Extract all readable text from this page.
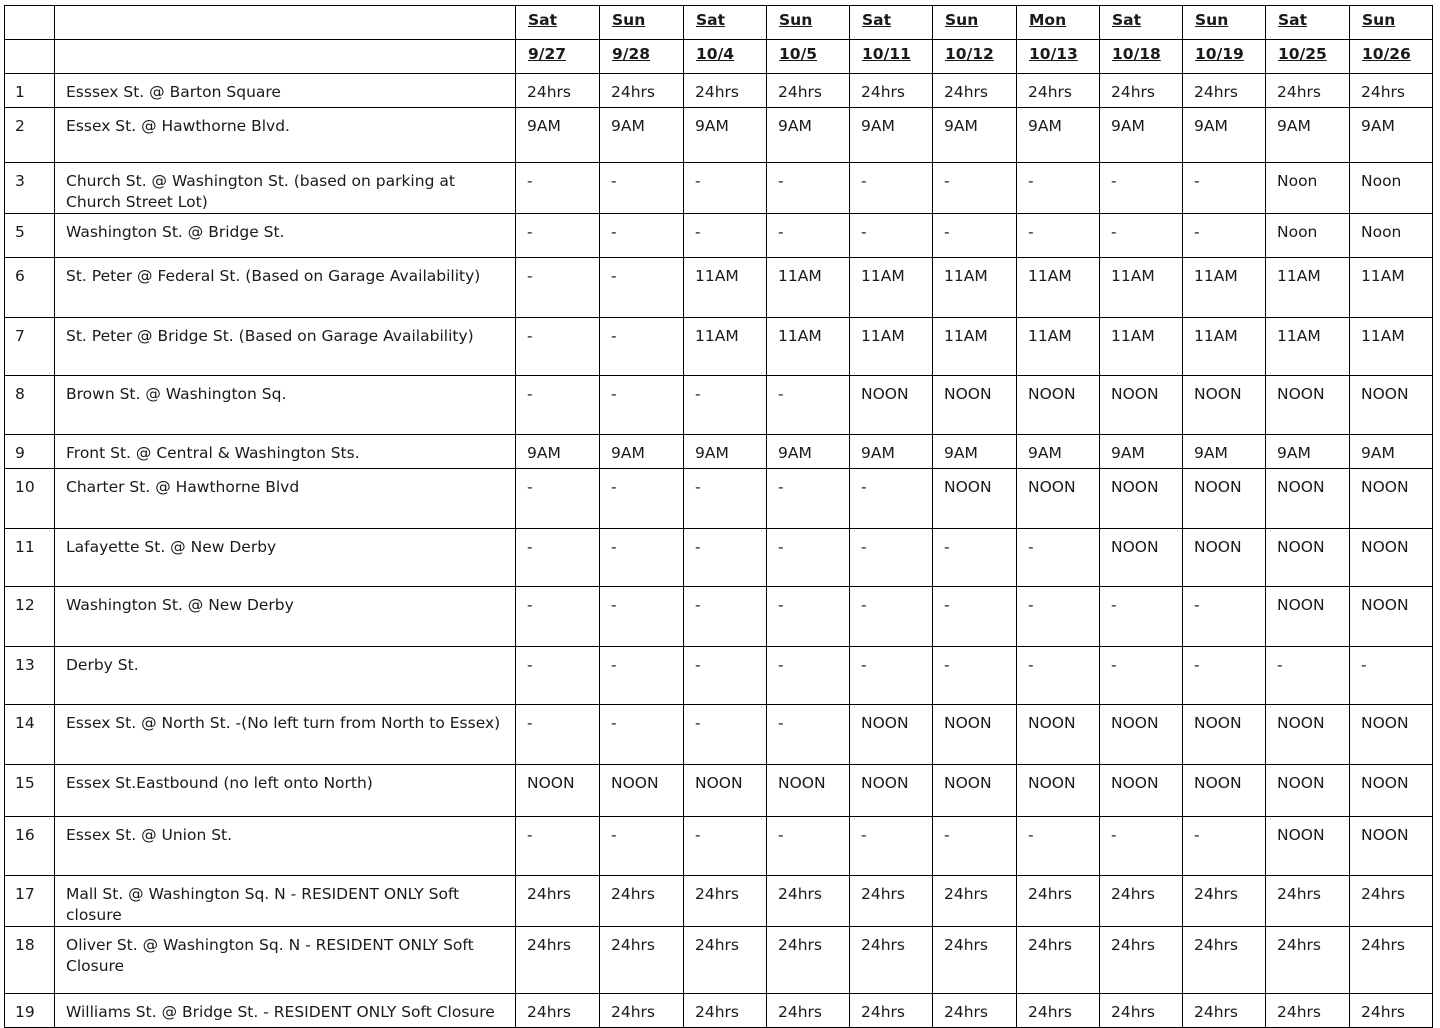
		Sat	Sun	Sat	Sun	Sat	Sun	Mon	Sat	Sun	Sat	Sun
		9/27	9/28	10/4	10/5	10/11	10/12	10/13	10/18	10/19	10/25	10/26
1	Esssex St. @ Barton Square	24hrs	24hrs	24hrs	24hrs	24hrs	24hrs	24hrs	24hrs	24hrs	24hrs	24hrs
2	Essex St. @ Hawthorne Blvd.	9AM	9AM	9AM	9AM	9AM	9AM	9AM	9AM	9AM	9AM	9AM
3	Church St. @ Washington St. (based on parking at Church Street Lot)	-	-	-	-	-	-	-	-	-	Noon	Noon
5	Washington St. @ Bridge St.	-	-	-	-	-	-	-	-	-	Noon	Noon
6	St. Peter @ Federal St. (Based on Garage Availability)	-	-	11AM	11AM	11AM	11AM	11AM	11AM	11AM	11AM	11AM
7	St. Peter @ Bridge St. (Based on Garage Availability)	-	-	11AM	11AM	11AM	11AM	11AM	11AM	11AM	11AM	11AM
8	Brown St. @ Washington Sq.	-	-	-	-	NOON	NOON	NOON	NOON	NOON	NOON	NOON
9	Front St. @ Central & Washington Sts.	9AM	9AM	9AM	9AM	9AM	9AM	9AM	9AM	9AM	9AM	9AM
10	Charter St. @ Hawthorne Blvd	-	-	-	-	-	NOON	NOON	NOON	NOON	NOON	NOON
11	Lafayette St. @ New Derby	-	-	-	-	-	-	-	NOON	NOON	NOON	NOON
12	Washington St. @ New Derby	-	-	-	-	-	-	-	-	-	NOON	NOON
13	Derby St.	-	-	-	-	-	-	-	-	-	-	-
14	Essex St. @ North St. -(No left turn from North to Essex)	-	-	-	-	NOON	NOON	NOON	NOON	NOON	NOON	NOON
15	Essex St.Eastbound (no left onto North)	NOON	NOON	NOON	NOON	NOON	NOON	NOON	NOON	NOON	NOON	NOON
16	Essex St. @ Union St.	-	-	-	-	-	-	-	-	-	NOON	NOON
17	Mall St. @ Washington Sq. N - RESIDENT ONLY Soft closure	24hrs	24hrs	24hrs	24hrs	24hrs	24hrs	24hrs	24hrs	24hrs	24hrs	24hrs
18	Oliver St. @ Washington Sq. N - RESIDENT ONLY Soft Closure	24hrs	24hrs	24hrs	24hrs	24hrs	24hrs	24hrs	24hrs	24hrs	24hrs	24hrs
19	Williams St. @ Bridge St. - RESIDENT ONLY Soft Closure	24hrs	24hrs	24hrs	24hrs	24hrs	24hrs	24hrs	24hrs	24hrs	24hrs	24hrs
